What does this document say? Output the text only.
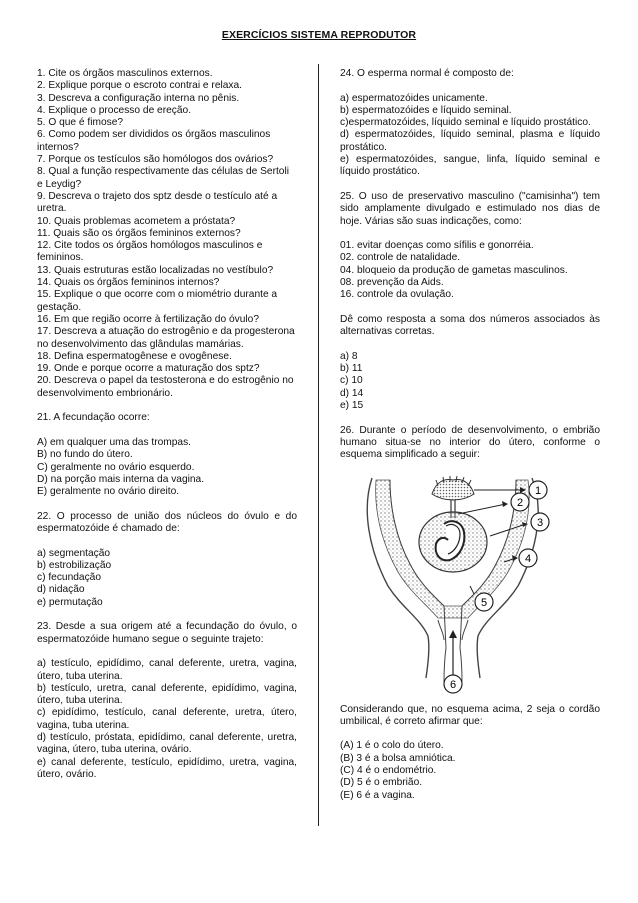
EXERCÍCIOS SISTEMA REPRODUTOR

1. Cite os órgãos masculinos externos.

2. Explique porque o escroto contrai e relaxa.

3. Descreva a configuração interna no pênis.

4. Explique o processo de ereção.

5. O que é fimose?

6. Como podem ser divididos os órgãos masculinos internos?

7. Porque os testículos são homólogos dos ovários?

8. Qual a função respectivamente das células de Sertoli e Leydig?

9. Descreva o trajeto dos sptz desde o testículo até a uretra.

10. Quais problemas acometem a próstata?

11. Quais são os órgãos femininos externos?

12. Cite todos os órgãos homólogos masculinos e femininos.

13. Quais estruturas estão localizadas no vestíbulo?

14. Quais os órgãos femininos internos?

15. Explique o que ocorre com o miométrio durante a gestação.

16. Em que região ocorre à fertilização do óvulo?

17. Descreva a atuação do estrogênio e da progesterona no desenvolvimento das glândulas mamárias.

18. Defina espermatogênese e ovogênese.

19. Onde e porque ocorre a maturação dos sptz?

20. Descreva o papel da testosterona e do estrogênio no desenvolvimento embrionário.

21. A fecundação ocorre:

A) em qualquer uma das trompas.

B) no fundo do útero.

C) geralmente no ovário esquerdo.

D) na porção mais interna da vagina.

E) geralmente no ovário direito.

22. O processo de união dos núcleos do óvulo e do espermatozóide é chamado de:

a) segmentação

b) estrobilização

c) fecundação

d) nidação

e) permutação

23. Desde a sua origem até a fecundação do óvulo, o espermatozóide humano segue o seguinte trajeto:

a) testículo, epidídimo, canal deferente, uretra, vagina, útero, tuba uterina.

b) testículo, uretra, canal deferente, epidídimo, vagina, útero, tuba uterina.

c) epidídimo, testículo, canal deferente, uretra, útero, vagina, tuba uterina.

d) testículo, próstata, epidídimo, canal deferente, uretra, vagina, útero, tuba uterina, ovário.

e) canal deferente, testículo, epidídimo, uretra, vagina, útero, ovário.

24. O esperma normal é composto de:

a) espermatozóides unicamente.

b) espermatozóides e líquido seminal.

c)espermatozóides, líquido seminal e líquido prostático.

d) espermatozóides, líquido seminal, plasma e líquido prostático.

e) espermatozóides, sangue, linfa, líquido seminal e líquido prostático.

25. O uso de preservativo masculino ("camisinha") tem sido amplamente divulgado e estimulado nos dias de hoje. Várias são suas indicações, como:

01. evitar doenças como sífilis e gonorréia.

02. controle de natalidade.

04. bloqueio da produção de gametas masculinos.

08. prevenção da Aids.

16. controle da ovulação.

Dê como resposta a soma dos números associados às alternativas corretas.

a) 8

b) 11

c) 10

d) 14

e) 15

26. Durante o período de desenvolvimento, o embrião humano situa-se no interior do útero, conforme o esquema simplificado a seguir:

1
2
3
4
5
6

Considerando que, no esquema acima, 2 seja o cordão umbilical, é correto afirmar que:

(A) 1 é o colo do útero.

(B) 3 é a bolsa amniótica.

(C) 4 é o endométrio.

(D) 5 é o embrião.

(E) 6 é a vagina.
